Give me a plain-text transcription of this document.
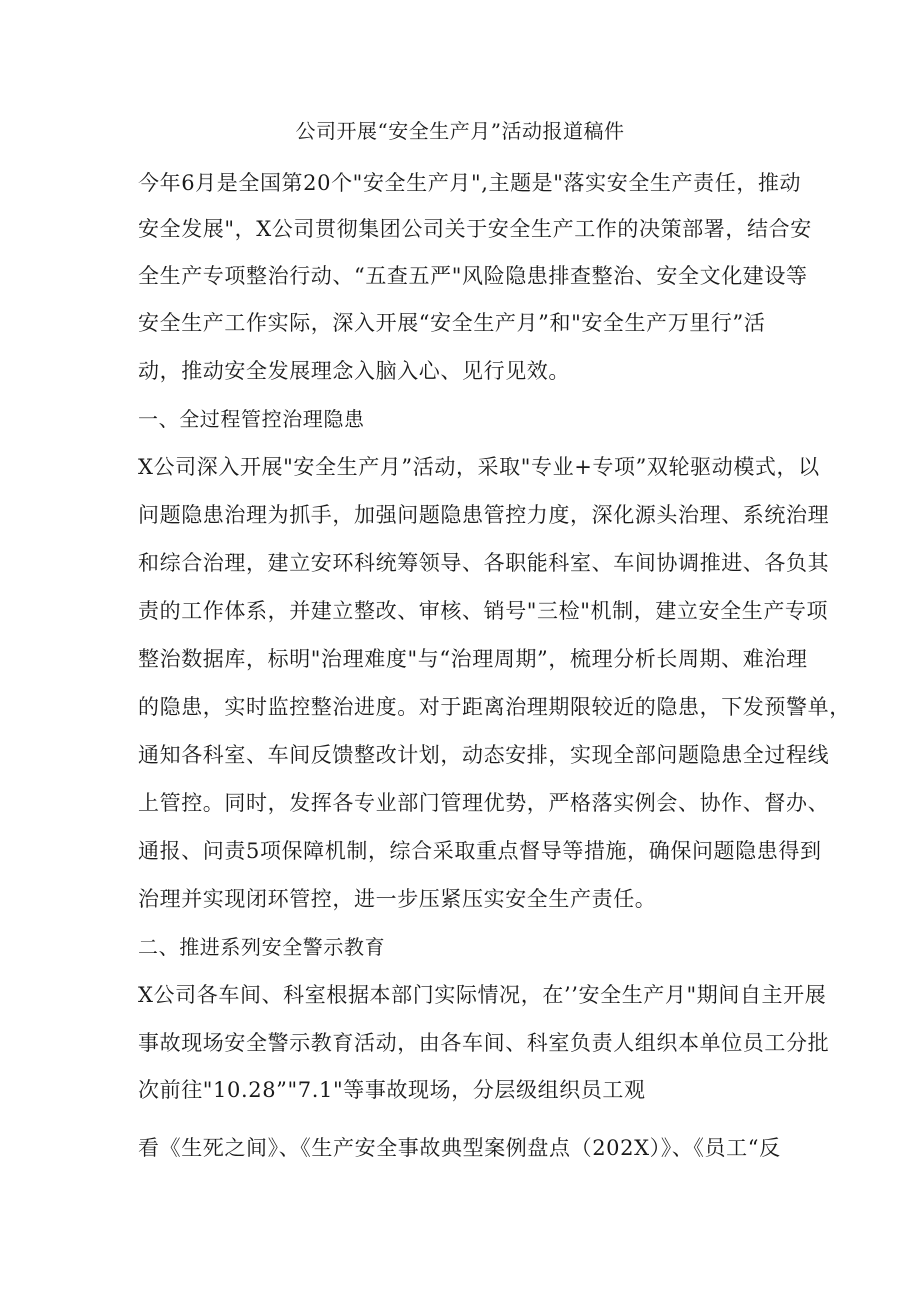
公司开展“安全生产月”活动报道稿件
今年6月是全国第20个"安全生产月",主题是"落实安全生产责任，推动
安全发展"，X公司贯彻集团公司关于安全生产工作的决策部署，结合安
全生产专项整治行动、“五查五严"风险隐患排查整治、安全文化建设等
安全生产工作实际，深入开展“安全生产月”和"安全生产万里行”活
动，推动安全发展理念入脑入心、见行见效。
一、全过程管控治理隐患
X公司深入开展"安全生产月”活动，采取"专业+专项”双轮驱动模式，以
问题隐患治理为抓手，加强问题隐患管控力度，深化源头治理、系统治理
和综合治理，建立安环科统筹领导、各职能科室、车间协调推进、各负其
责的工作体系，并建立整改、审核、销号"三检"机制，建立安全生产专项
整治数据库，标明"治理难度"与“治理周期”，梳理分析长周期、难治理
的隐患，实时监控整治进度。对于距离治理期限较近的隐患，下发预警单，
通知各科室、车间反馈整改计划，动态安排，实现全部问题隐患全过程线
上管控。同时，发挥各专业部门管理优势，严格落实例会、协作、督办、
通报、问责5项保障机制，综合采取重点督导等措施，确保问题隐患得到
治理并实现闭环管控，进一步压紧压实安全生产责任。
二、推进系列安全警示教育
X公司各车间、科室根据本部门实际情况，在’’安全生产月"期间自主开展
事故现场安全警示教育活动，由各车间、科室负责人组织本单位员工分批
次前往"10.28”"7.1"等事故现场，分层级组织员工观
看《生死之间》、《生产安全事故典型案例盘点（202X）》、《员工“反
